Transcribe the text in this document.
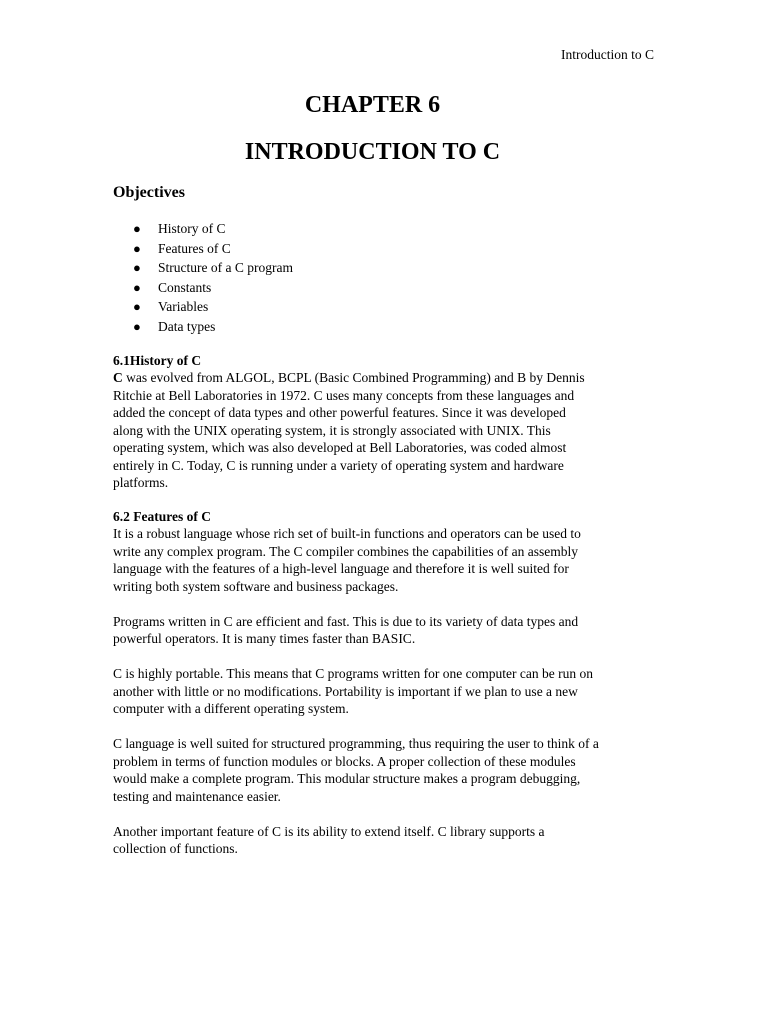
Introduction to C
CHAPTER 6
INTRODUCTION TO C
Objectives
● History of C
● Features of C
● Structure of a C program
● Constants
● Variables
● Data types
6.1History of C
C was evolved from ALGOL, BCPL (Basic Combined Programming) and B by Dennis
Ritchie at Bell Laboratories in 1972. C uses many concepts from these languages and
added the concept of data types and other powerful features. Since it was developed
along with the UNIX operating system, it is strongly associated with UNIX. This
operating system, which was also developed at Bell Laboratories, was coded almost
entirely in C. Today, C is running under a variety of operating system and hardware
platforms.
6.2 Features of C
It is a robust language whose rich set of built-in functions and operators can be used to
write any complex program. The C compiler combines the capabilities of an assembly
language with the features of a high-level language and therefore it is well suited for
writing both system software and business packages.
Programs written in C are efficient and fast. This is due to its variety of data types and
powerful operators. It is many times faster than BASIC.
C is highly portable. This means that C programs written for one computer can be run on
another with little or no modifications. Portability is important if we plan to use a new
computer with a different operating system.
C language is well suited for structured programming, thus requiring the user to think of a
problem in terms of function modules or blocks. A proper collection of these modules
would make a complete program. This modular structure makes a program debugging,
testing and maintenance easier.
Another important feature of C is its ability to extend itself. C library supports a
collection of functions.
